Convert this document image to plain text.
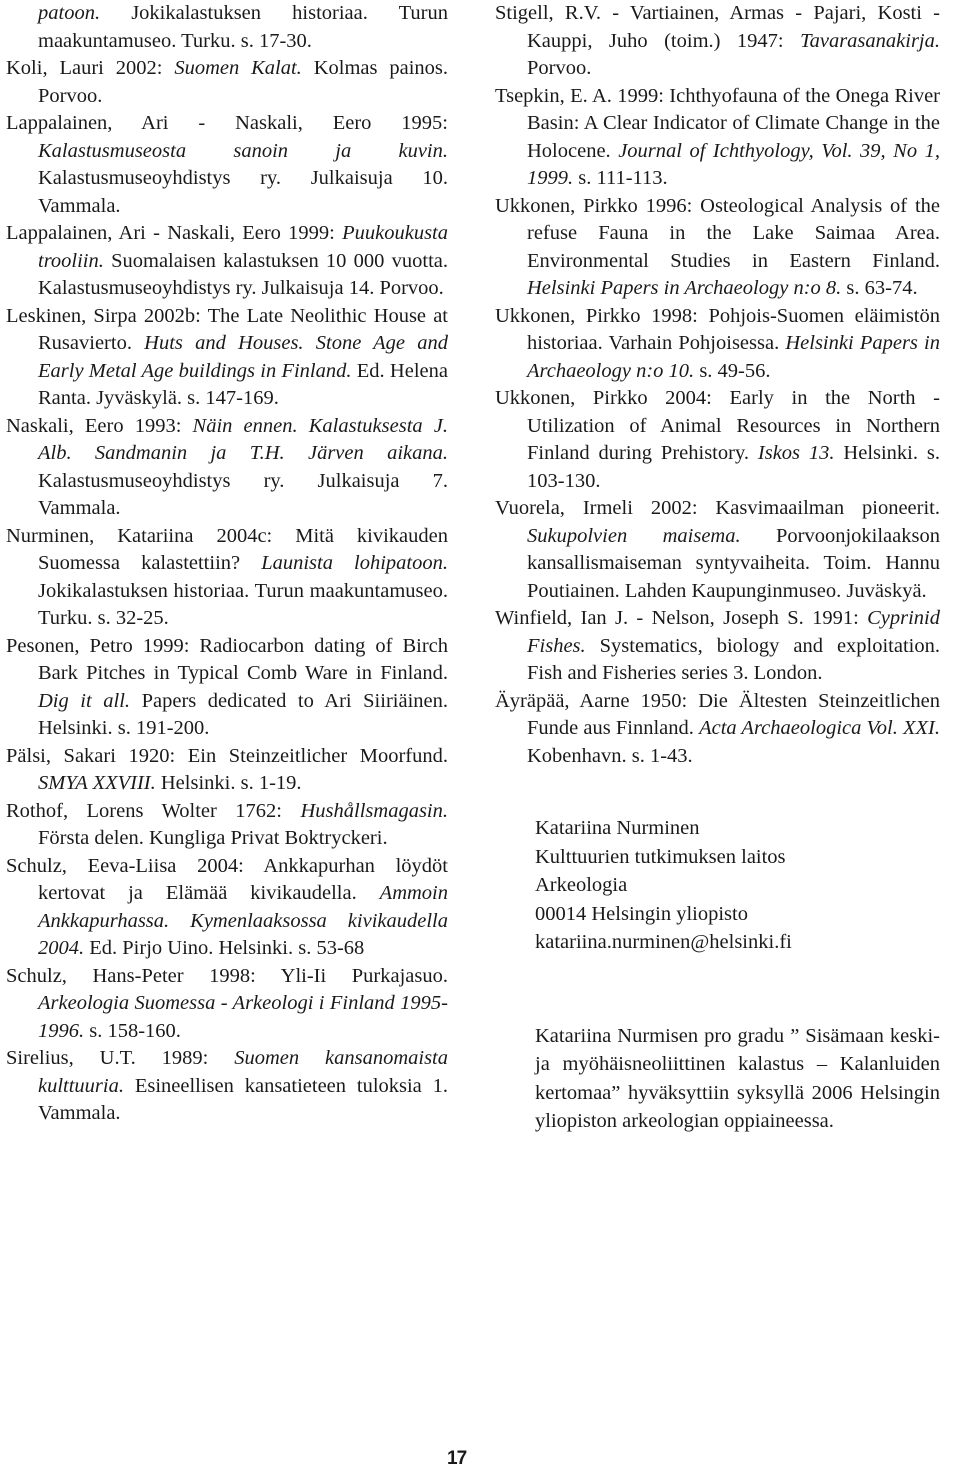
patoon. Jokikalastuksen historiaa. Turun maakuntamuseo. Turku. s. 17-30.

Koli, Lauri 2002: Suomen Kalat. Kolmas painos. Porvoo.

Lappalainen, Ari - Naskali, Eero 1995: Kalastusmuseosta sanoin ja kuvin. Kalastusmuseoyhdistys ry. Julkaisuja 10. Vammala.

Lappalainen, Ari - Naskali, Eero 1999: Puukoukusta trooliin. Suomalaisen kalastuksen 10 000 vuotta. Kalastusmuseoyhdistys ry. Julkaisuja 14. Porvoo.

Leskinen, Sirpa 2002b: The Late Neolithic House at Rusavierto. Huts and Houses. Stone Age and Early Metal Age buildings in Finland. Ed. Helena Ranta. Jyväskylä. s. 147-169.

Naskali, Eero 1993: Näin ennen. Kalastuksesta J. Alb. Sandmanin ja T.H. Järven aikana. Kalastusmuseoyhdistys ry. Julkaisuja 7. Vammala.

Nurminen, Katariina 2004c: Mitä kivikauden Suomessa kalastettiin? Launista lohipatoon. Jokikalastuksen historiaa. Turun maakuntamuseo. Turku. s. 32-25.

Pesonen, Petro 1999: Radiocarbon dating of Birch Bark Pitches in Typical Comb Ware in Finland. Dig it all. Papers dedicated to Ari Siiriäinen. Helsinki. s. 191-200.

Pälsi, Sakari 1920: Ein Steinzeitlicher Moorfund. SMYA XXVIII. Helsinki. s. 1-19.

Rothof, Lorens Wolter 1762: Hushållsmagasin. Första delen. Kungliga Privat Boktryckeri.

Schulz, Eeva-Liisa 2004: Ankkapurhan löydöt kertovat ja Elämää kivikaudella. Ammoin Ankkapurhassa. Kymenlaaksossa kivikaudella 2004. Ed. Pirjo Uino. Helsinki. s. 53-68

Schulz, Hans-Peter 1998: Yli-Ii Purkajasuo. Arkeologia Suomessa - Arkeologi i Finland 1995-1996. s. 158-160.

Sirelius, U.T. 1989: Suomen kansanomaista kulttuuria. Esineellisen kansatieteen tuloksia 1. Vammala.

Stigell, R.V. - Vartiainen, Armas - Pajari, Kosti - Kauppi, Juho (toim.) 1947: Tavarasanakirja. Porvoo.

Tsepkin, E. A. 1999: Ichthyofauna of the Onega River Basin: A Clear Indicator of Climate Change in the Holocene. Journal of Ichthyology, Vol. 39, No 1, 1999. s. 111-113.

Ukkonen, Pirkko 1996: Osteological Analysis of the refuse Fauna in the Lake Saimaa Area. Environmental Studies in Eastern Finland. Helsinki Papers in Archaeology n:o 8. s. 63-74.

Ukkonen, Pirkko 1998: Pohjois-Suomen eläimistön historiaa. Varhain Pohjoisessa. Helsinki Papers in Archaeology n:o 10. s. 49-56.

Ukkonen, Pirkko 2004: Early in the North - Utilization of Animal Resources in Northern Finland during Prehistory. Iskos 13. Helsinki. s. 103-130.

Vuorela, Irmeli 2002: Kasvimaailman pioneerit. Sukupolvien maisema. Porvoonjokilaakson kansallismaiseman syntyvaiheita. Toim. Hannu Poutiainen. Lahden Kaupunginmuseo. Juväskyä.

Winfield, Ian J. - Nelson, Joseph S. 1991: Cyprinid Fishes. Systematics, biology and exploitation. Fish and Fisheries series 3. London.

Äyräpää, Aarne 1950: Die Ältesten Steinzeitlichen Funde aus Finnland. Acta Archaeologica Vol. XXI. Kobenhavn. s. 1-43.

Katariina Nurminen
Kulttuurien tutkimuksen laitos
Arkeologia
00014 Helsingin yliopisto
katariina.nurminen@helsinki.fi

Katariina Nurmisen pro gradu ” Sisämaan keski- ja myöhäisneoliittinen kalastus – Kalanluiden kertomaa” hyväksyttiin syksyllä 2006 Helsingin yliopiston arkeologian oppiaineessa.

17
